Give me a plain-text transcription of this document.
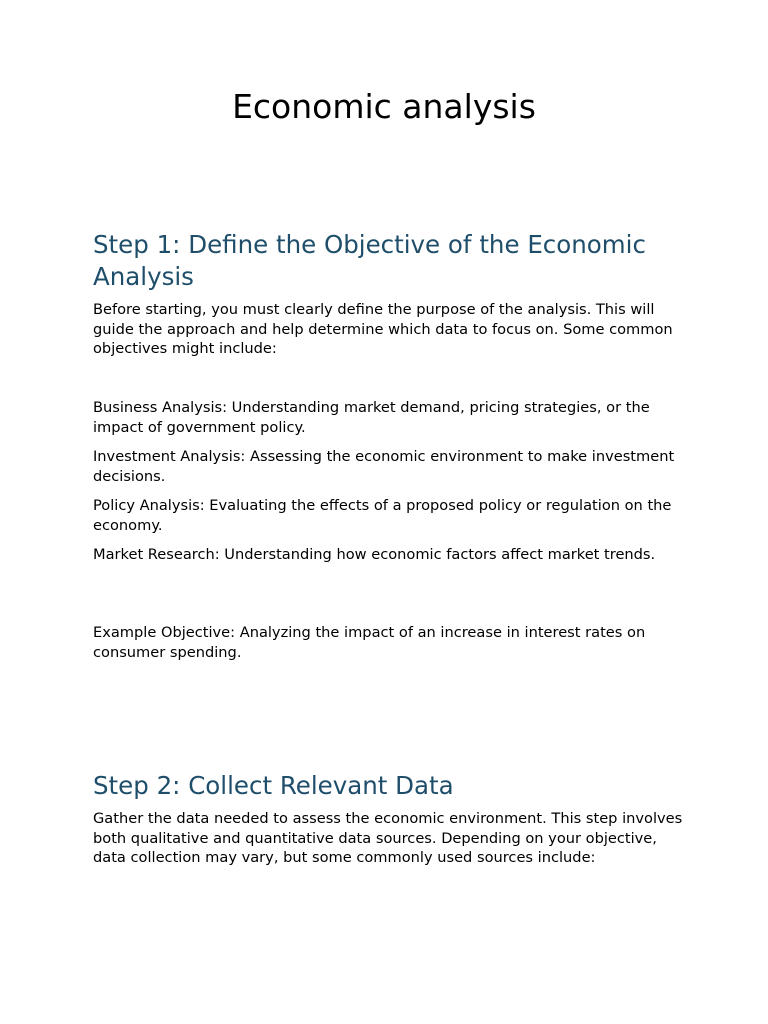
Economic analysis
Step 1: Define the Objective of the Economic Analysis

Before starting, you must clearly define the purpose of the analysis. This will guide the approach and help determine which data to focus on. Some common objectives might include:

Business Analysis: Understanding market demand, pricing strategies, or the impact of government policy.

Investment Analysis: Assessing the economic environment to make investment decisions.

Policy Analysis: Evaluating the effects of a proposed policy or regulation on the economy.

Market Research: Understanding how economic factors affect market trends.

Example Objective: Analyzing the impact of an increase in interest rates on consumer spending.

Step 2: Collect Relevant Data

Gather the data needed to assess the economic environment. This step involves both qualitative and quantitative data sources. Depending on your objective, data collection may vary, but some commonly used sources include:
